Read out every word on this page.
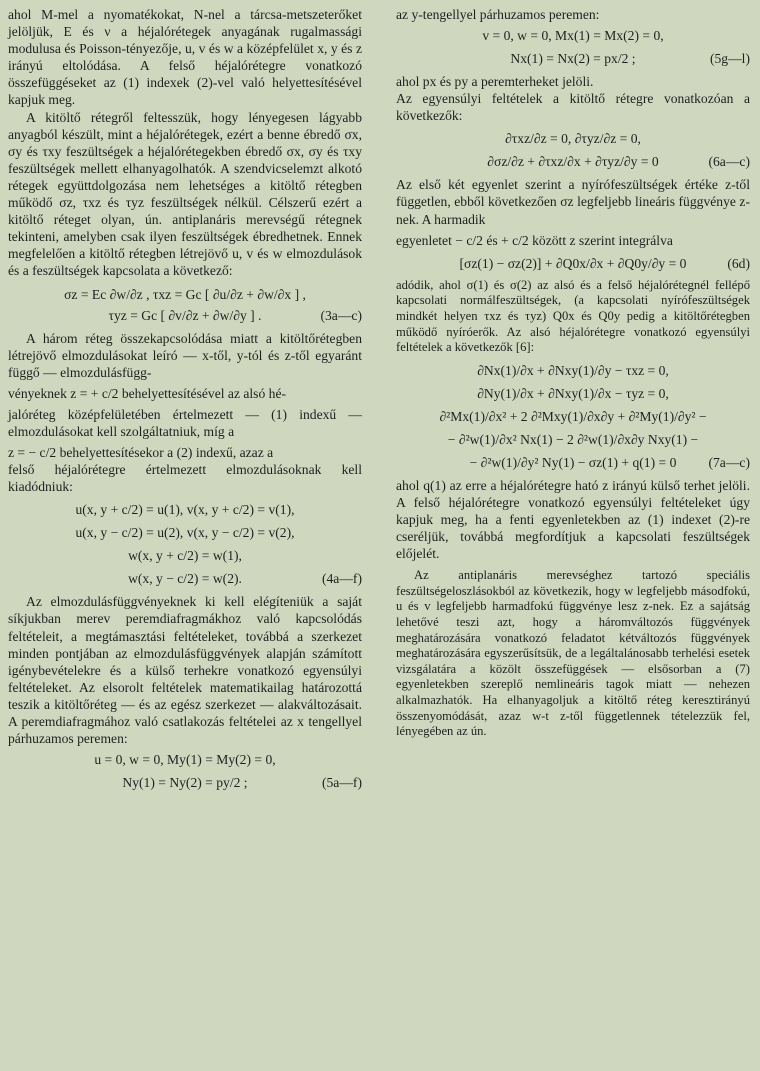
ahol M-mel a nyomatékokat, N-nel a tárcsa-metszeterőket jelöljük, E és ν a héjalórétegek anyagának rugalmassági modulusa és Poisson-tényezője, u, v és w a középfelület x, y és z irányú eltolódása. A felső héjalórétegre vonatkozó összefüggéseket az (1) indexek (2)-vel való helyettesítésével kapjuk meg.

A kitöltő rétegről feltesszük, hogy lényegesen lágyabb anyagból készült, mint a héjalórétegek, ezért a benne ébredő σx, σy és τxy feszültségek a héjalórétegekben ébredő σx, σy és τxy feszültségek mellett elhanyagolhatók. A szendvicselemzt alkotó rétegek együttdolgozása nem lehetséges a kitöltő rétegben működő σz, τxz és τyz feszültségek nélkül. Célszerű ezért a kitöltő réteget olyan, ún. antiplanáris merevségű rétegnek tekinteni, amelyben csak ilyen feszültségek ébredhetnek. Ennek megfelelően a kitöltő rétegben létrejövő u, v és w elmozdulások és a feszültségek kapcsolata a következő:

σz = Ec ∂w/∂z , τxz = Gc [ ∂u/∂z + ∂w/∂x ] ,
τyz = Gc [ ∂v/∂z + ∂w/∂y ] .	(3a—c)

A három réteg összekapcsolódása miatt a kitöltőrétegben létrejövő elmozdulásokat leíró — x-től, y-tól és z-től egyaránt függő — elmozdulásfügg-

vényeknek z = + c/2 behelyettesítésével az alsó hé-

jalóréteg középfelületében értelmezett — (1) indexű — elmozdulásokat kell szolgáltatniuk, míg a

z = − c/2 behelyettesítésekor a (2) indexű, azaz a

felső héjalórétegre értelmezett elmozdulásoknak kell kiadódniuk:

u(x, y + c/2) = u(1), v(x, y + c/2) = v(1),
u(x, y − c/2) = u(2), v(x, y − c/2) = v(2),
w(x, y + c/2) = w(1),
w(x, y − c/2) = w(2).	(4a—f)

Az elmozdulásfüggvényeknek ki kell elégíteniük a saját síkjukban merev peremdiafragmákhoz való kapcsolódás feltételeit, a megtámasztási feltételeket, továbbá a szerkezet minden pontjában az elmozdulásfüggvények alapján számított igénybevételekre és a külső terhekre vonatkozó egyensúlyi feltételeket. Az elsorolt feltételek matematikailag határozottá teszik a kitöltőréteg — és az egész szerkezet — alakváltozásait. A peremdiafragmához való csatlakozás feltételei az x tengellyel párhuzamos peremen:

u = 0, w = 0, My(1) = My(2) = 0,
Ny(1) = Ny(2) = py/2 ;	(5a—f)

az y-tengellyel párhuzamos peremen:

v = 0, w = 0, Mx(1) = Mx(2) = 0,
Nx(1) = Nx(2) = px/2 ;	(5g—l)

ahol px és py a peremterheket jelöli.

Az egyensúlyi feltételek a kitöltő rétegre vonatkozóan a következők:

∂τxz/∂z = 0, ∂τyz/∂z = 0,
∂σz/∂z + ∂τxz/∂x + ∂τyz/∂y = 0	(6a—c)

Az első két egyenlet szerint a nyírófeszültségek értéke z-től független, ebből következően σz legfeljebb lineáris függvénye z-nek. A harmadik

egyenletet − c/2 és + c/2 között z szerint integrálva

[σz(1) − σz(2)] + ∂Q0x/∂x + ∂Q0y/∂y = 0	(6d)

adódik, ahol σ(1) és σ(2) az alsó és a felső héjalórétegnél fellépő kapcsolati normálfeszültségek, (a kapcsolati nyírófeszültségek mindkét helyen τxz és τyz) Q0x és Q0y pedig a kitöltőrétegben működő nyíróerők. Az alsó héjalórétegre vonatkozó egyensúlyi feltételek a következők [6]:

∂Nx(1)/∂x + ∂Nxy(1)/∂y − τxz = 0,
∂Ny(1)/∂x + ∂Nxy(1)/∂x − τyz = 0,
∂²Mx(1)/∂x² + 2 ∂²Mxy(1)/∂x∂y + ∂²My(1)/∂y² −
− ∂²w(1)/∂x² Nx(1) − 2 ∂²w(1)/∂x∂y Nxy(1) −
− ∂²w(1)/∂y² Ny(1) − σz(1) + q(1) = 0 (7a—c)

ahol q(1) az erre a héjalórétegre ható z irányú külső terhet jelöli. A felső héjalórétegre vonatkozó egyensúlyi feltételeket úgy kapjuk meg, ha a fenti egyenletekben az (1) indexet (2)-re cseréljük, továbbá megfordítjuk a kapcsolati feszültségek előjelét.

Az antiplanáris merevséghez tartozó speciális feszültségeloszlásokból az következik, hogy w legfeljebb másodfokú, u és v legfeljebb harmadfokú függvénye lesz z-nek. Ez a sajátság lehetővé teszi azt, hogy a háromváltozós függvények meghatározására vonatkozó feladatot kétváltozós függvények meghatározására egyszerűsítsük, de a legáltalánosabb terhelési esetek vizsgálatára a közölt összefüggések — elsősorban a (7) egyenletekben szereplő nemlineáris tagok miatt — nehezen alkalmazhatók. Ha elhanyagoljuk a kitöltő réteg keresztirányú összenyomódását, azaz w-t z-től függetlennek tételezzük fel, lényegében az ún.
